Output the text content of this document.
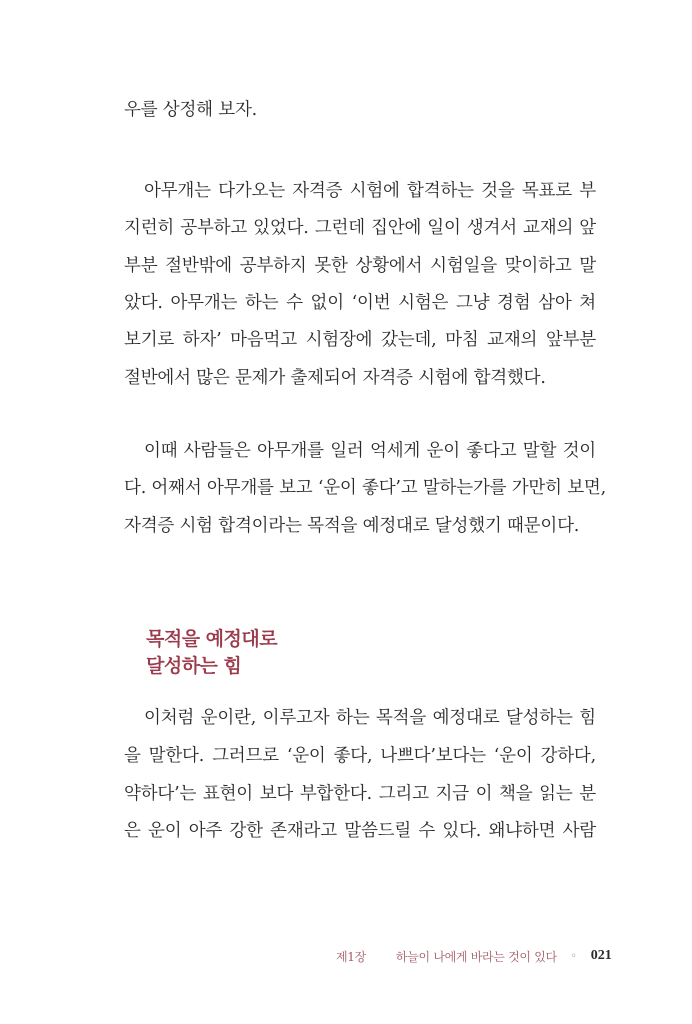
우를 상정해 보자.
아무개는 다가오는 자격증 시험에 합격하는 것을 목표로 부
지런히 공부하고 있었다. 그런데 집안에 일이 생겨서 교재의 앞
부분 절반밖에 공부하지 못한 상황에서 시험일을 맞이하고 말
았다. 아무개는 하는 수 없이 ‘이번 시험은 그냥 경험 삼아 쳐
보기로 하자’ 마음먹고 시험장에 갔는데, 마침 교재의 앞부분
절반에서 많은 문제가 출제되어 자격증 시험에 합격했다.
이때 사람들은 아무개를 일러 억세게 운이 좋다고 말할 것이
다. 어째서 아무개를 보고 ‘운이 좋다’고 말하는가를 가만히 보면,
자격증 시험 합격이라는 목적을 예정대로 달성했기 때문이다.
목적을 예정대로
달성하는 힘
이처럼 운이란, 이루고자 하는 목적을 예정대로 달성하는 힘
을 말한다. 그러므로 ‘운이 좋다, 나쁘다’보다는 ‘운이 강하다,
약하다’는 표현이 보다 부합한다. 그리고 지금 이 책을 읽는 분
은 운이 아주 강한 존재라고 말씀드릴 수 있다. 왜냐하면 사람
제1장	하늘이 나에게 바라는 것이 있다 ◦ 021
